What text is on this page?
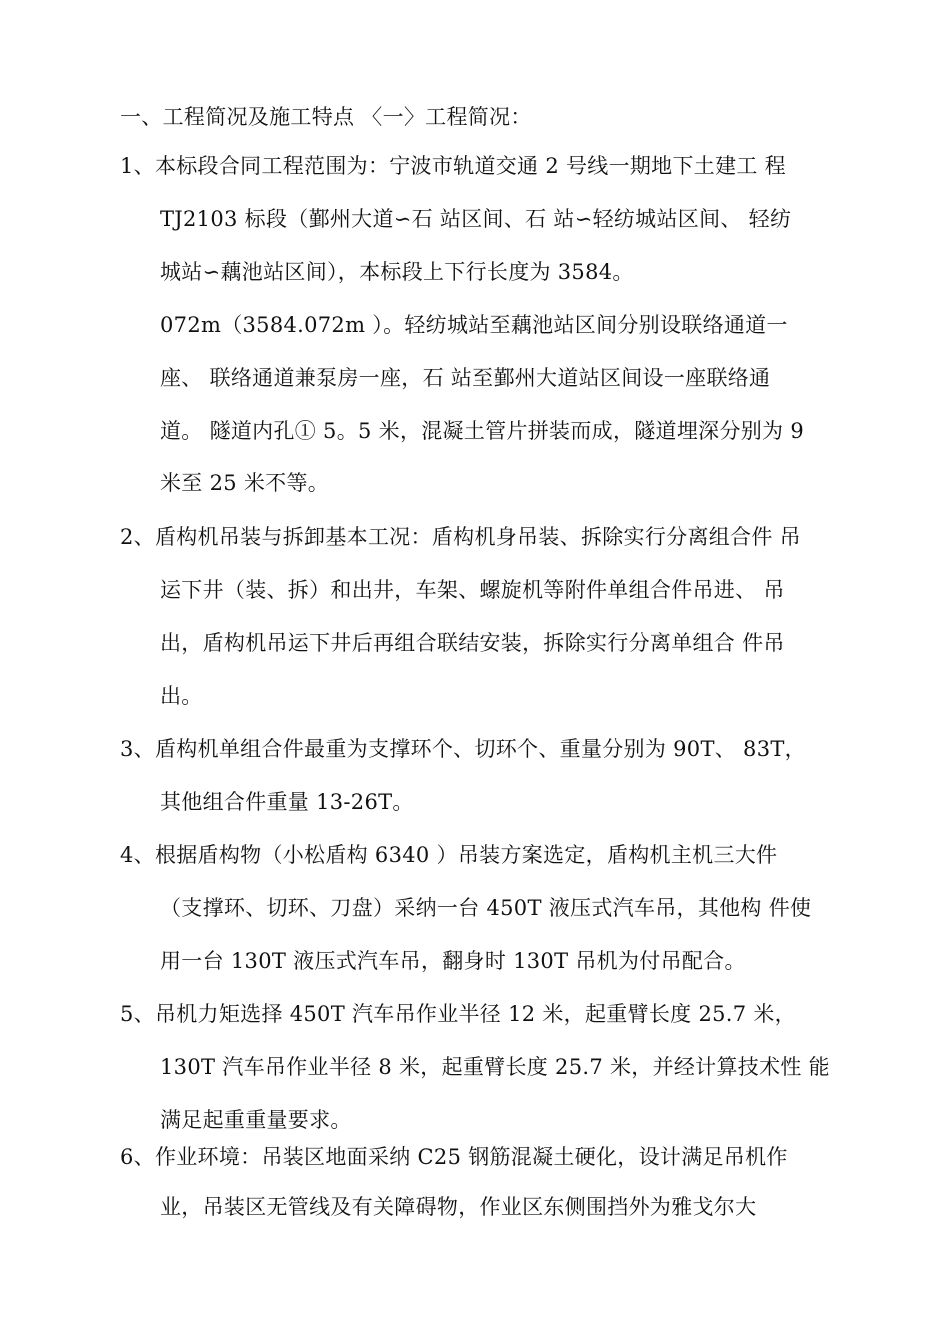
一、工程简况及施工特点 〈一〉工程简况：
1、本标段合同工程范围为：宁波市轨道交通 2 号线一期地下土建工 程
TJ2103 标段（鄞州大道∽石 站区间、石 站∽轻纺城站区间、 轻纺
城站∽藕池站区间），本标段上下行长度为 3584。
072m（3584.072m ）。轻纺城站至藕池站区间分别设联络通道一
座、 联络通道兼泵房一座，石 站至鄞州大道站区间设一座联络通
道。 隧道内孔① 5。5 米，混凝土管片拼装而成，隧道埋深分别为 9
米至 25 米不等。
2、盾构机吊装与拆卸基本工况：盾构机身吊装、拆除实行分离组合件 吊
运下井（装、拆）和出井，车架、螺旋机等附件单组合件吊进、 吊
出，盾构机吊运下井后再组合联结安装，拆除实行分离单组合 件吊
出。
3、盾构机单组合件最重为支撑环个、切环个、重量分别为 90T、 83T，
其他组合件重量 13-26T。
4、根据盾构物（小松盾构 6340 ）吊装方案选定，盾构机主机三大件
（支撑环、切环、刀盘）采纳一台 450T 液压式汽车吊，其他构 件使
用一台 130T 液压式汽车吊，翻身时 130T 吊机为付吊配合。
5、吊机力矩选择 450T 汽车吊作业半径 12 米，起重臂长度 25.7 米，
130T 汽车吊作业半径 8 米，起重臂长度 25.7 米，并经计算技术性 能
满足起重重量要求。
6、作业环境：吊装区地面采纳 C25 钢筋混凝土硬化，设计满足吊机作
业，吊装区无管线及有关障碍物，作业区东侧围挡外为雅戈尔大
